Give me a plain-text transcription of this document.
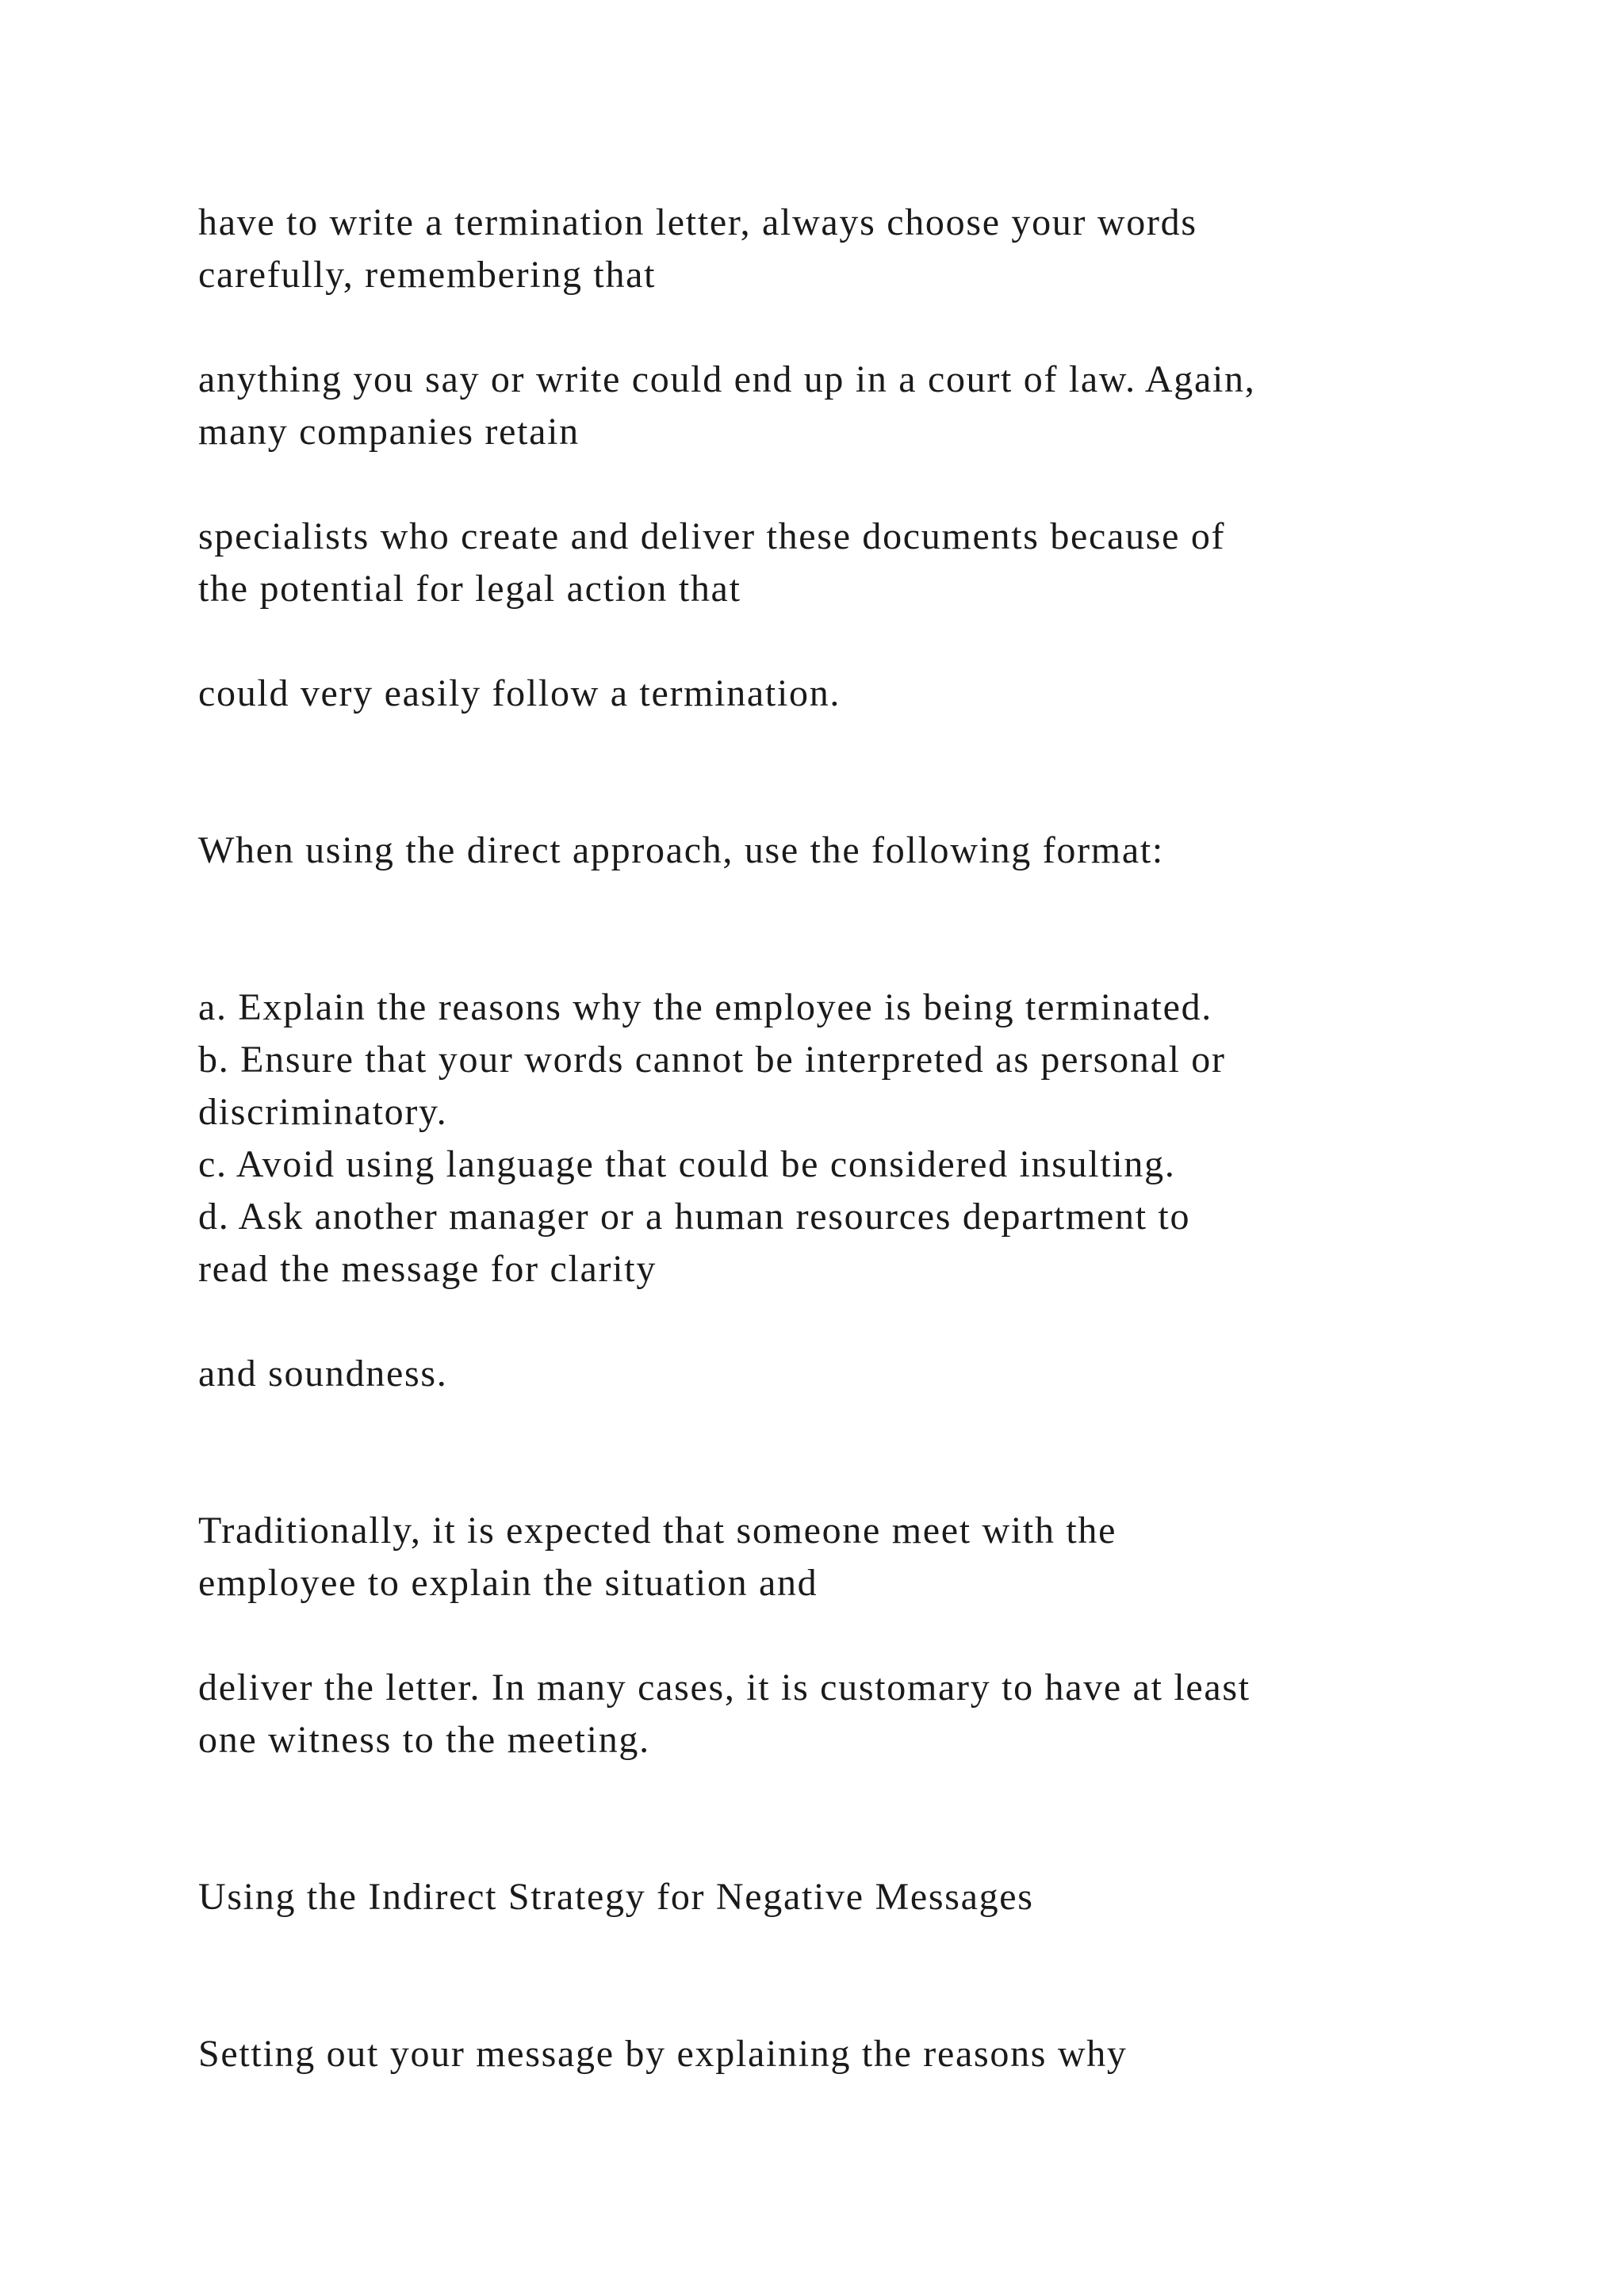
have to write a termination letter, always choose your words

carefully, remembering that

anything you say or write could end up in a court of law. Again,

many companies retain

specialists who create and deliver these documents because of

the potential for legal action that

could very easily follow a termination.

When using the direct approach, use the following format:

a. Explain the reasons why the employee is being terminated.

b. Ensure that your words cannot be interpreted as personal or

discriminatory.

c. Avoid using language that could be considered insulting.

d. Ask another manager or a human resources department to

read the message for clarity

and soundness.

Traditionally, it is expected that someone meet with the

employee to explain the situation and

deliver the letter. In many cases, it is customary to have at least

one witness to the meeting.

Using the Indirect Strategy for Negative Messages

Setting out your message by explaining the reasons why
